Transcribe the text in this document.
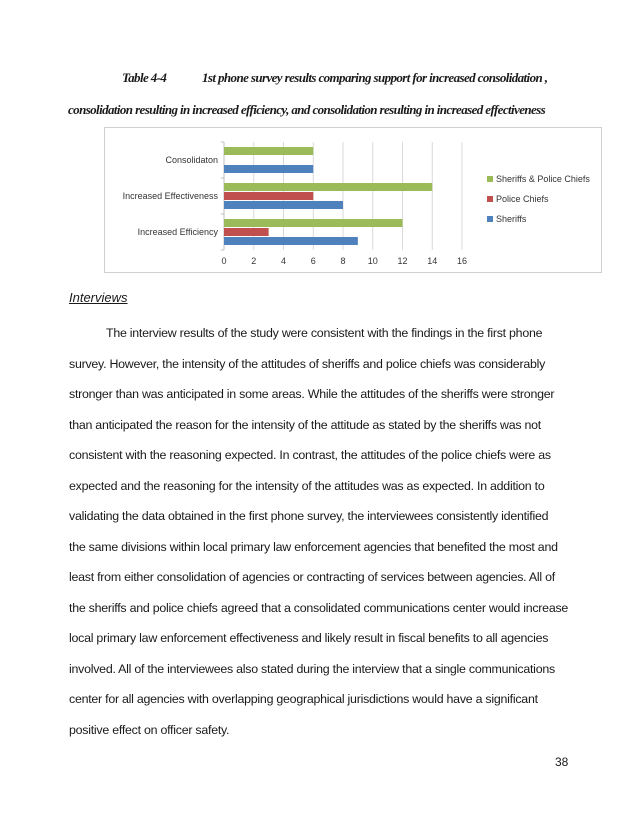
Table 4-4	1st phone survey results comparing support for increased consolidation ,
consolidation resulting in increased efficiency, and consolidation resulting in increased effectiveness
0	2	4	6	8 10 12 14 16
Consolidaton
Increased Effectiveness
Increased Efficiency
Sheriffs & Police Chiefs
Police Chiefs
Sheriffs
Interviews
The interview results of the study were consistent with the findings in the first phone
survey. However, the intensity of the attitudes of sheriffs and police chiefs was considerably
stronger than was anticipated in some areas. While the attitudes of the sheriffs were stronger
than anticipated the reason for the intensity of the attitude as stated by the sheriffs was not
consistent with the reasoning expected. In contrast, the attitudes of the police chiefs were as
expected and the reasoning for the intensity of the attitudes was as expected. In addition to
validating the data obtained in the first phone survey, the interviewees consistently identified
the same divisions within local primary law enforcement agencies that benefited the most and
least from either consolidation of agencies or contracting of services between agencies. All of
the sheriffs and police chiefs agreed that a consolidated communications center would increase
local primary law enforcement effectiveness and likely result in fiscal benefits to all agencies
involved. All of the interviewees also stated during the interview that a single communications
center for all agencies with overlapping geographical jurisdictions would have a significant
positive effect on officer safety.
38
